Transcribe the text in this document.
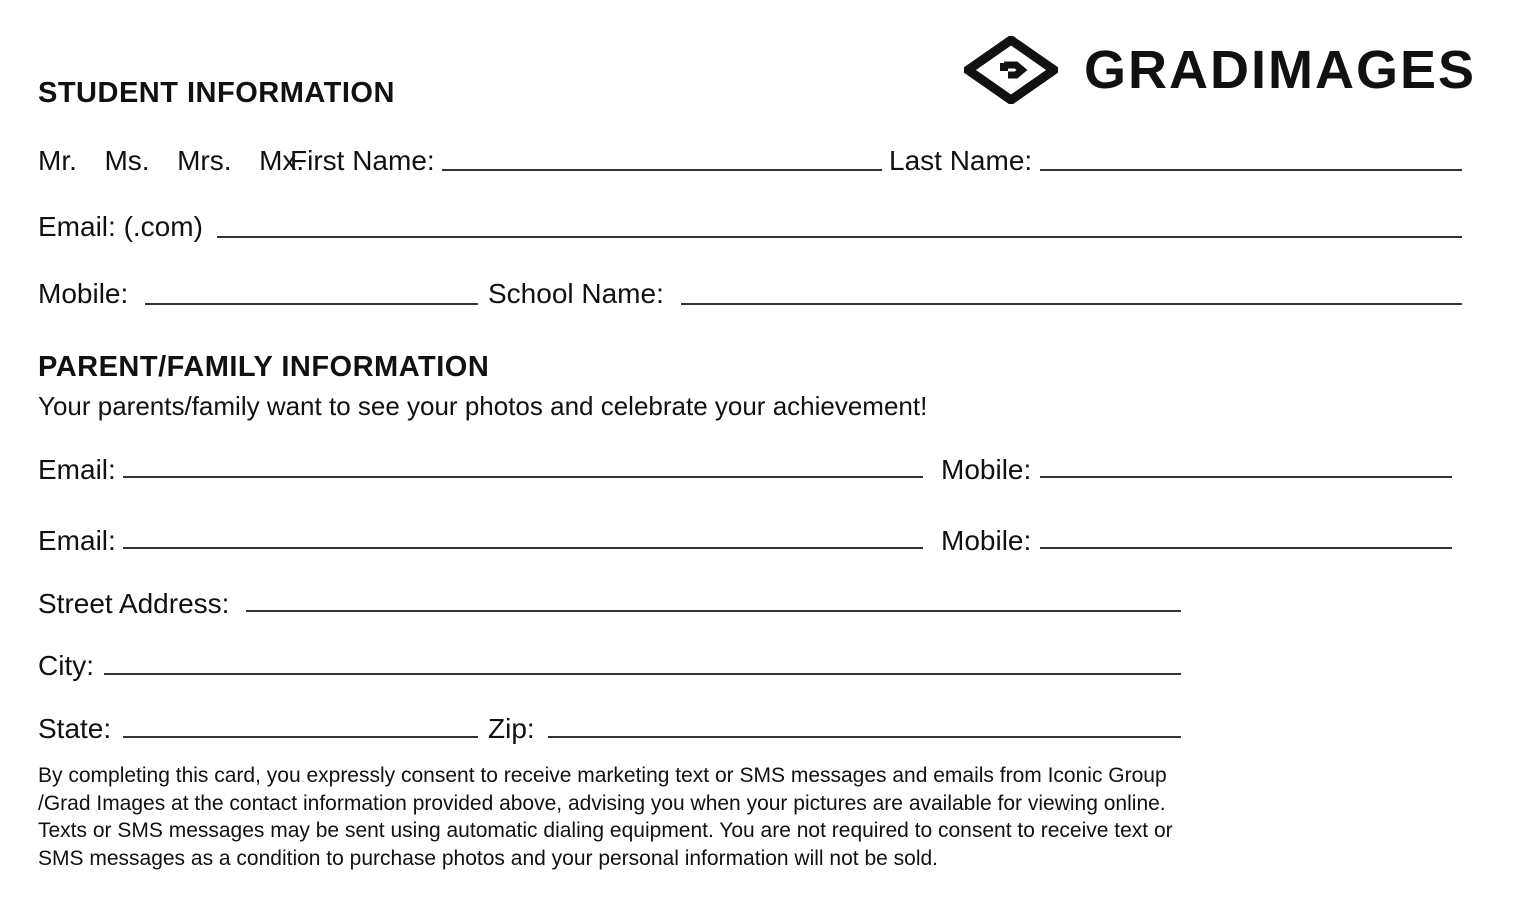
GRADIMAGES
STUDENT INFORMATION
Mr.  Ms.  Mrs.  Mx.
First Name:	Last Name:
Email: (.com)
Mobile:	School Name:
PARENT/FAMILY INFORMATION
Your parents/family want to see your photos and celebrate your achievement!
Email:	Mobile:
Email:	Mobile:
Street Address:
City:
State:	Zip:
By completing this card, you expressly consent to receive marketing text or SMS messages and emails from Iconic Group
/Grad Images at the contact information provided above, advising you when your pictures are available for viewing online.
Texts or SMS messages may be sent using automatic dialing equipment. You are not required to consent to receive text or
SMS messages as a condition to purchase photos and your personal information will not be sold.
